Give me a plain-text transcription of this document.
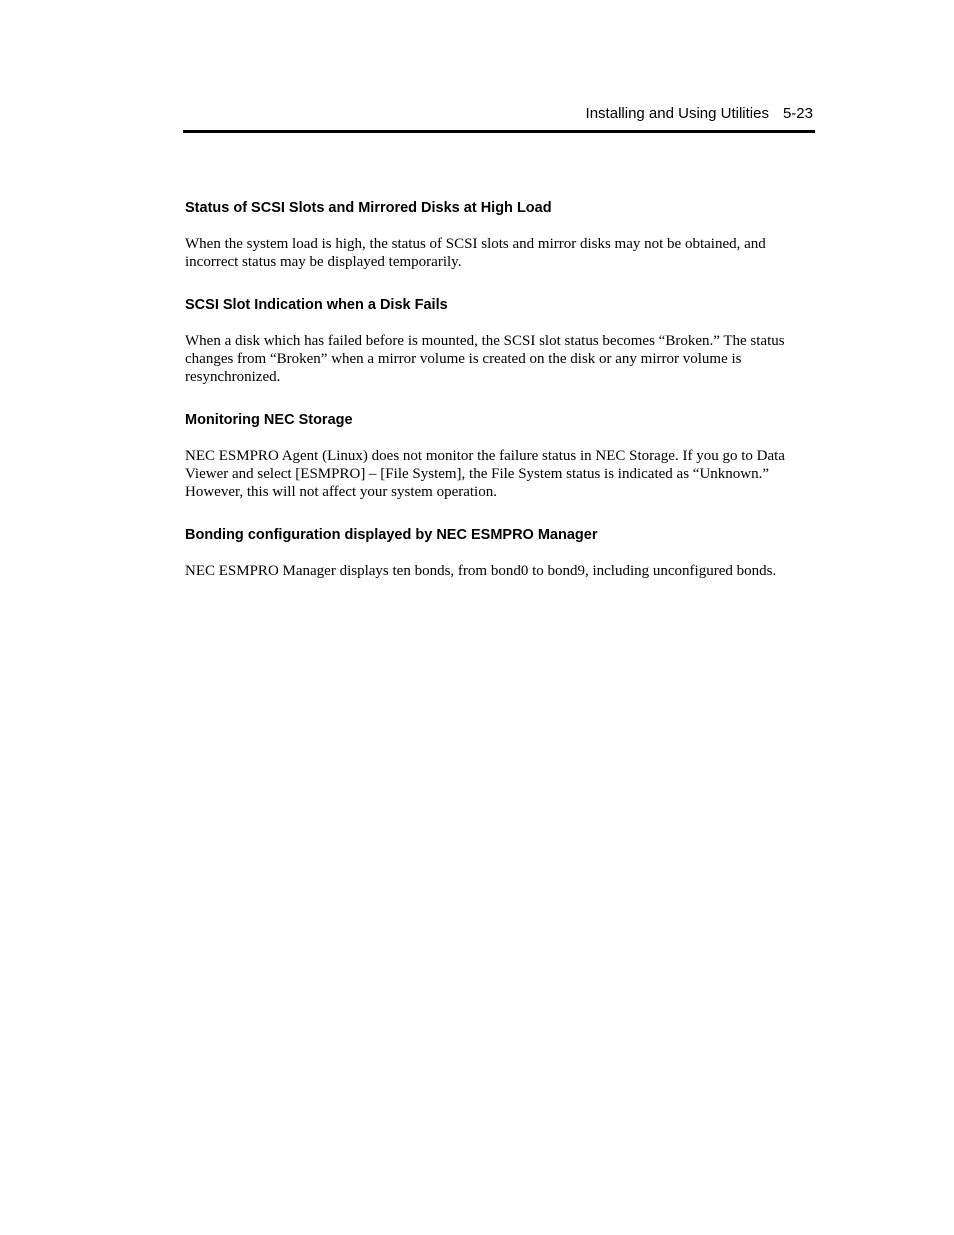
Installing and Using Utilities 5-23
Status of SCSI Slots and Mirrored Disks at High Load

When the system load is high, the status of SCSI slots and mirror disks may not be obtained, and incorrect status may be displayed temporarily.

SCSI Slot Indication when a Disk Fails

When a disk which has failed before is mounted, the SCSI slot status becomes “Broken.” The status changes from “Broken” when a mirror volume is created on the disk or any mirror volume is resynchronized.

Monitoring NEC Storage

NEC ESMPRO Agent (Linux) does not monitor the failure status in NEC Storage. If you go to Data Viewer and select [ESMPRO] – [File System], the File System status is indicated as “Unknown.” However, this will not affect your system operation.

Bonding configuration displayed by NEC ESMPRO Manager

NEC ESMPRO Manager displays ten bonds, from bond0 to bond9, including unconfigured bonds.
